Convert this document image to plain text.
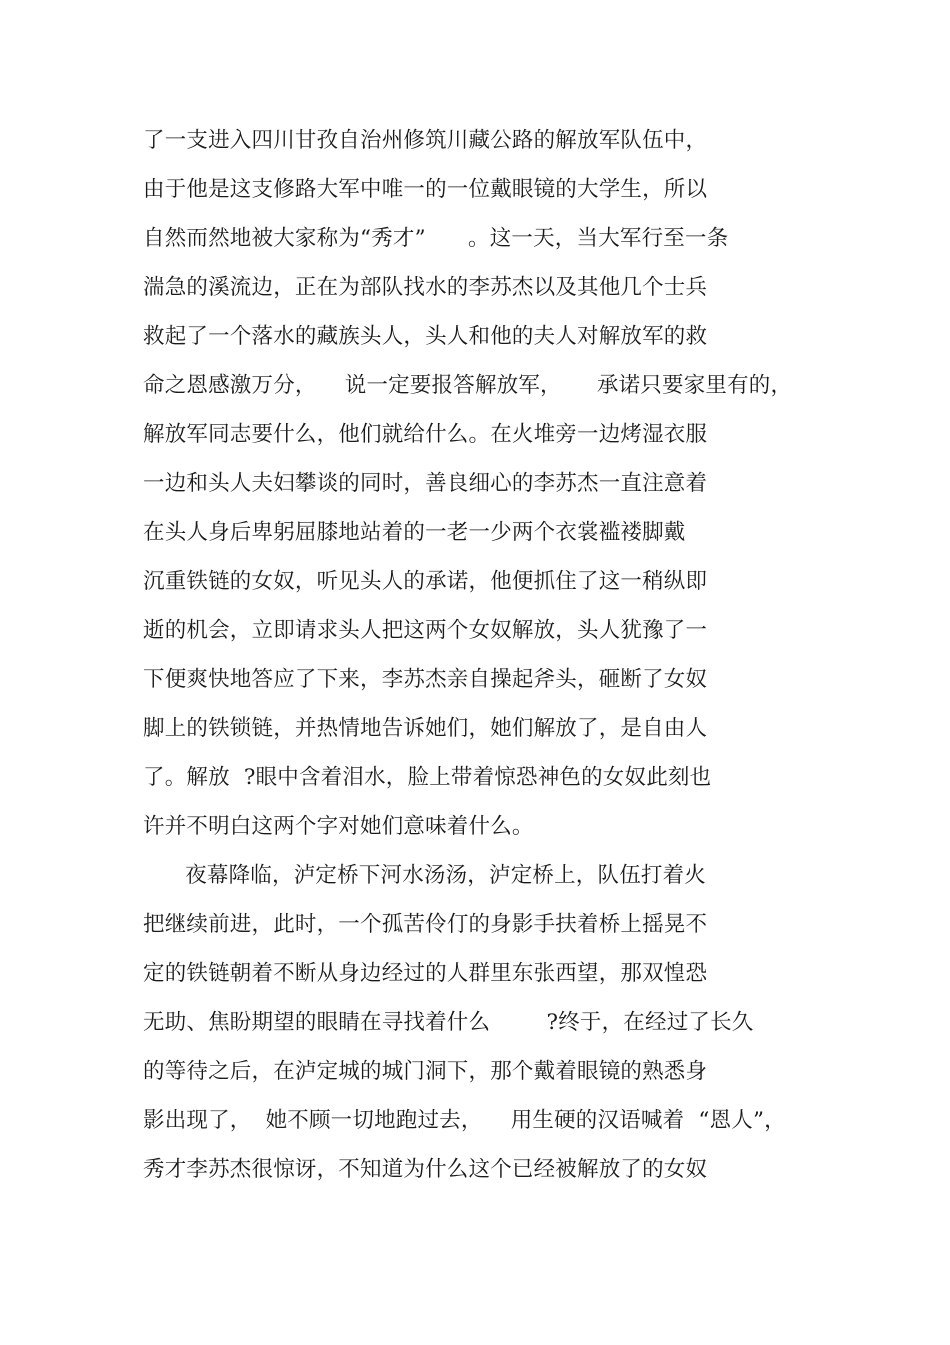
了一支进入四川甘孜自治州修筑川藏公路的解放军队伍中，
由于他是这支修路大军中唯一的一位戴眼镜的大学生，所以
自然而然地被大家称为“秀才”      。这一天，当大军行至一条
湍急的溪流边，正在为部队找水的李苏杰以及其他几个士兵
救起了一个落水的藏族头人，头人和他的夫人对解放军的救
命之恩感激万分，    说一定要报答解放军，     承诺只要家里有的，
解放军同志要什么，他们就给什么。在火堆旁一边烤湿衣服
一边和头人夫妇攀谈的同时，善良细心的李苏杰一直注意着
在头人身后卑躬屈膝地站着的一老一少两个衣裳褴褛脚戴
沉重铁链的女奴，听见头人的承诺，他便抓住了这一稍纵即
逝的机会，立即请求头人把这两个女奴解放，头人犹豫了一
下便爽快地答应了下来，李苏杰亲自操起斧头，砸断了女奴
脚上的铁锁链，并热情地告诉她们，她们解放了，是自由人
了。解放  ?眼中含着泪水，脸上带着惊恐神色的女奴此刻也
许并不明白这两个字对她们意味着什么。
夜幕降临，泸定桥下河水汤汤，泸定桥上，队伍打着火
把继续前进，此时，一个孤苦伶仃的身影手扶着桥上摇晃不
定的铁链朝着不断从身边经过的人群里东张西望，那双惶恐
无助、焦盼期望的眼睛在寻找着什么        ?终于，在经过了长久
的等待之后，在泸定城的城门洞下，那个戴着眼镜的熟悉身
影出现了，  她不顾一切地跑过去，    用生硬的汉语喊着  “恩人”，
秀才李苏杰很惊讶，不知道为什么这个已经被解放了的女奴
